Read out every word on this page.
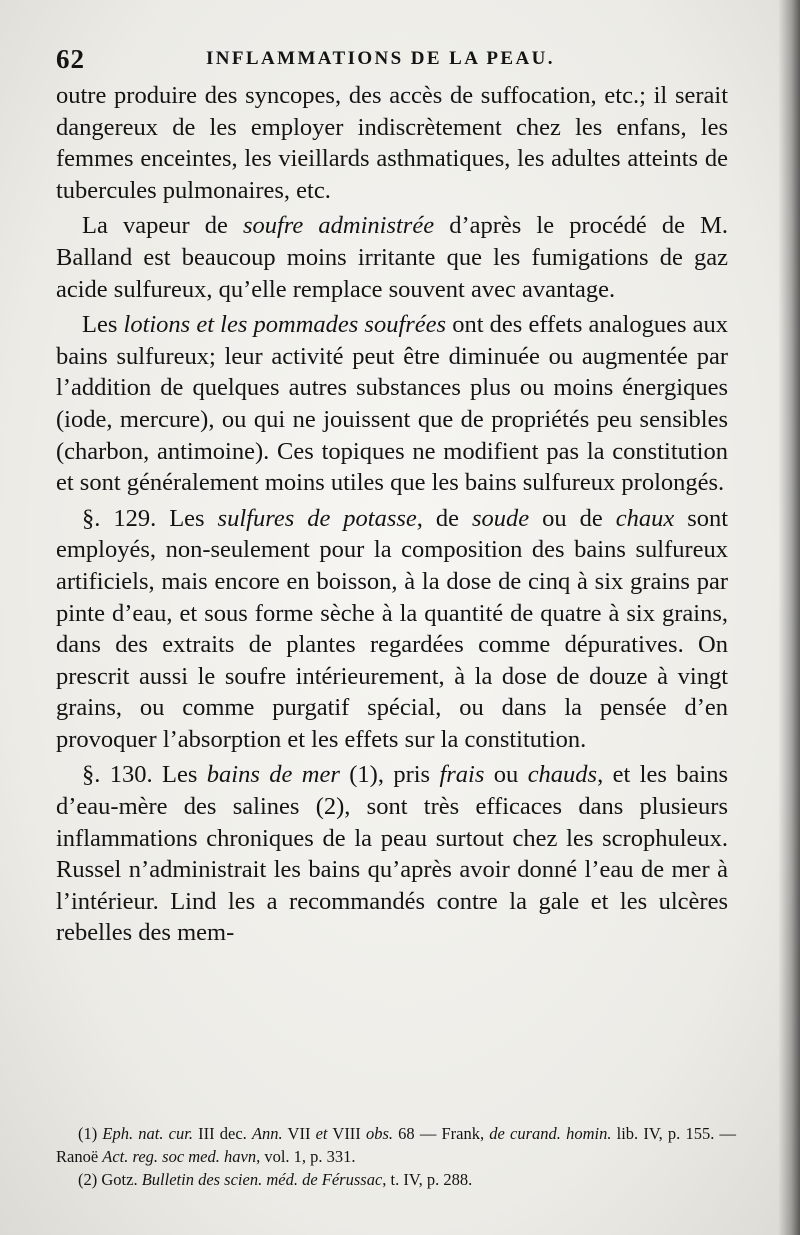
62	INFLAMMATIONS DE LA PEAU.

outre produire des syncopes, des accès de suffocation, etc.; il serait dangereux de les employer indiscrètement chez les enfans, les femmes enceintes, les vieillards asthmatiques, les adultes atteints de tubercules pulmonaires, etc.

La vapeur de soufre administrée d’après le procédé de M. Balland est beaucoup moins irritante que les fumigations de gaz acide sulfureux, qu’elle remplace souvent avec avantage.

Les lotions et les pommades soufrées ont des effets analogues aux bains sulfureux; leur activité peut être diminuée ou augmentée par l’addition de quelques autres substances plus ou moins énergiques (iode, mercure), ou qui ne jouissent que de propriétés peu sensibles (charbon, antimoine). Ces topiques ne modifient pas la constitution et sont généralement moins utiles que les bains sulfureux prolongés.

§. 129. Les sulfures de potasse, de soude ou de chaux sont employés, non-seulement pour la composition des bains sulfureux artificiels, mais encore en boisson, à la dose de cinq à six grains par pinte d’eau, et sous forme sèche à la quantité de quatre à six grains, dans des extraits de plantes regardées comme dépuratives. On prescrit aussi le soufre intérieurement, à la dose de douze à vingt grains, ou comme purgatif spécial, ou dans la pensée d’en provoquer l’absorption et les effets sur la constitution.

§. 130. Les bains de mer (1), pris frais ou chauds, et les bains d’eau-mère des salines (2), sont très efficaces dans plusieurs inflammations chroniques de la peau surtout chez les scrophuleux. Russel n’administrait les bains qu’après avoir donné l’eau de mer à l’intérieur. Lind les a recommandés contre la gale et les ulcères rebelles des mem-

(1) Eph. nat. cur. III dec. Ann. VII et VIII obs. 68 — Frank, de curand. homin. lib. IV, p. 155. — Ranoë Act. reg. soc med. havn, vol. 1, p. 331.

(2) Gotz. Bulletin des scien. méd. de Férussac, t. IV, p. 288.
